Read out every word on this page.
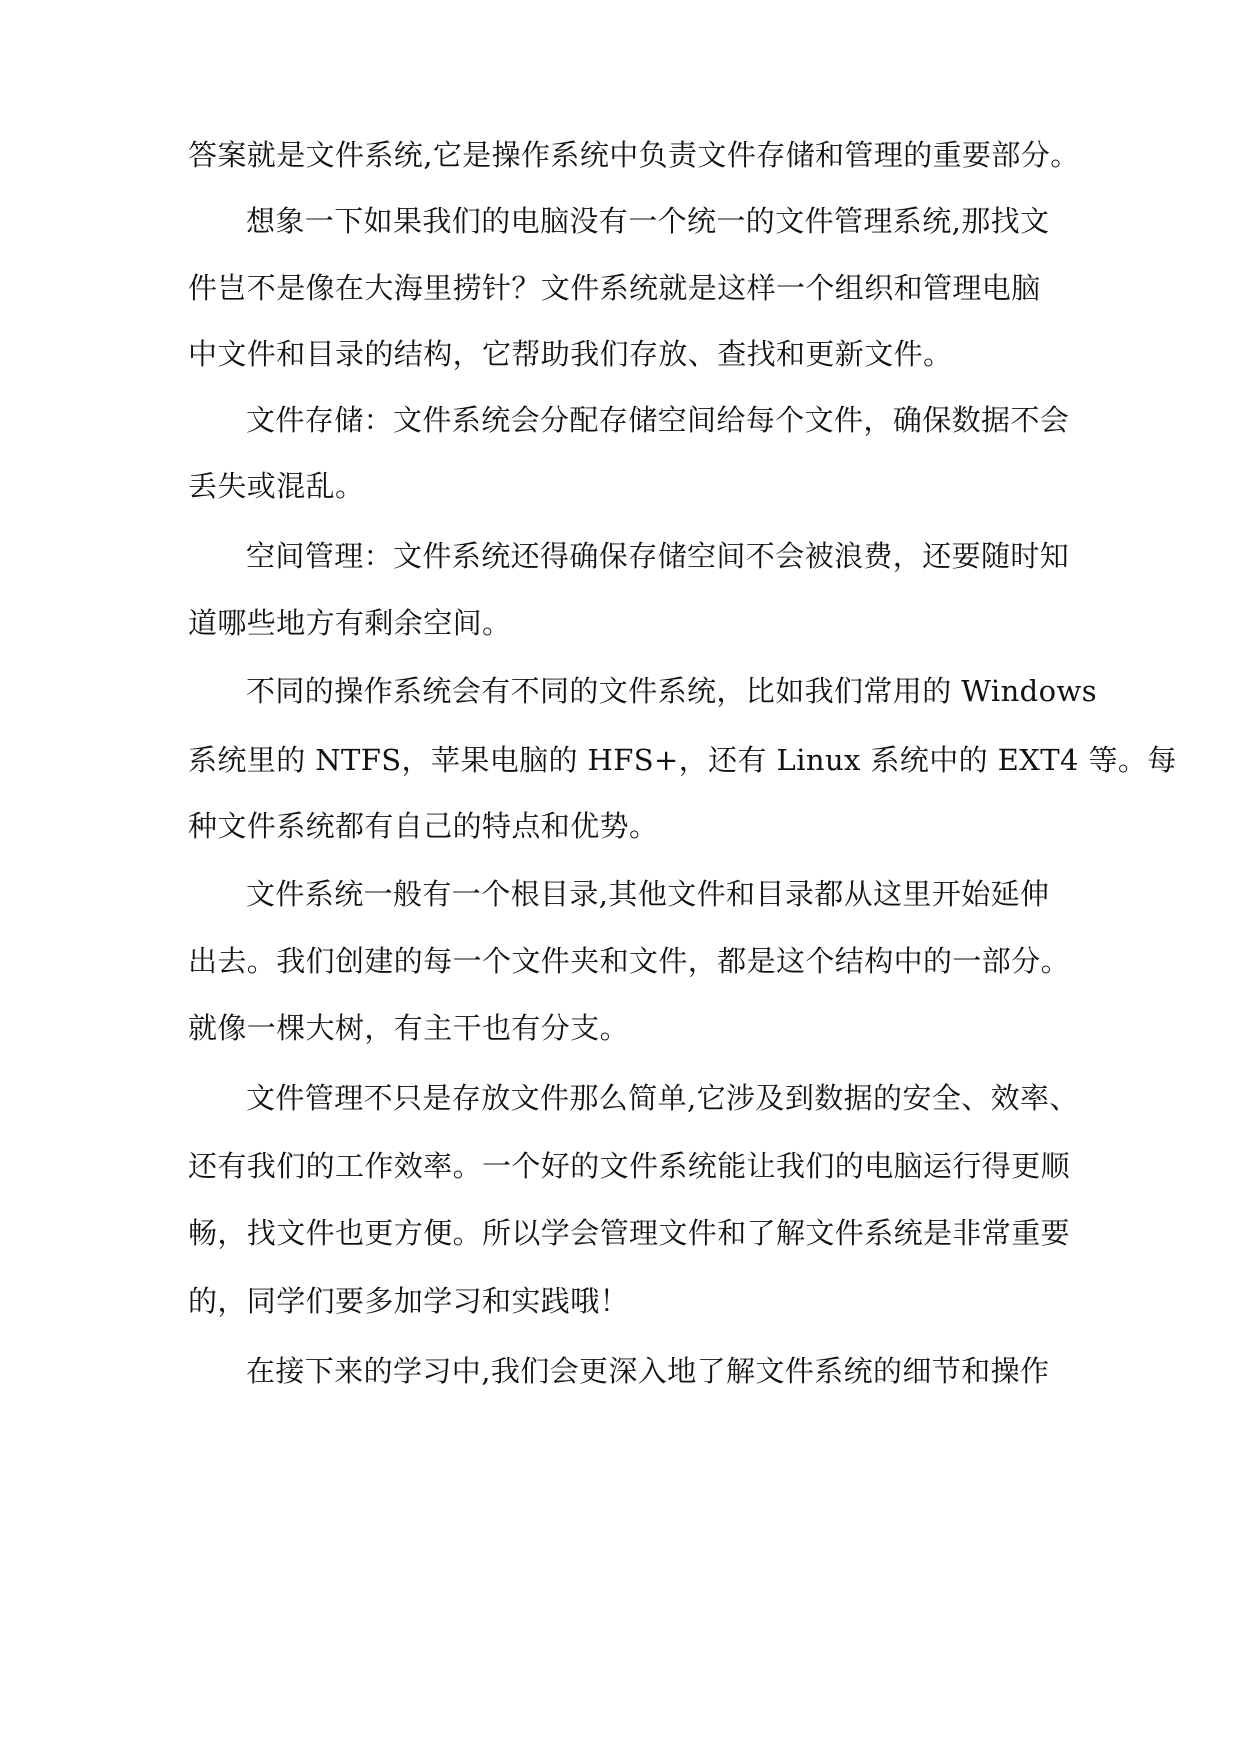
答案就是文件系统,它是操作系统中负责文件存储和管理的重要部分。
想象一下如果我们的电脑没有一个统一的文件管理系统,那找文
件岂不是像在大海里捞针？文件系统就是这样一个组织和管理电脑
中文件和目录的结构，它帮助我们存放、查找和更新文件。
文件存储：文件系统会分配存储空间给每个文件，确保数据不会
丢失或混乱。
空间管理：文件系统还得确保存储空间不会被浪费，还要随时知
道哪些地方有剩余空间。
不同的操作系统会有不同的文件系统，比如我们常用的 Windows
系统里的 NTFS，苹果电脑的 HFS+，还有 Linux 系统中的 EXT4 等。每
种文件系统都有自己的特点和优势。
文件系统一般有一个根目录,其他文件和目录都从这里开始延伸
出去。我们创建的每一个文件夹和文件，都是这个结构中的一部分。
就像一棵大树，有主干也有分支。
文件管理不只是存放文件那么简单,它涉及到数据的安全、效率、
还有我们的工作效率。一个好的文件系统能让我们的电脑运行得更顺
畅，找文件也更方便。所以学会管理文件和了解文件系统是非常重要
的，同学们要多加学习和实践哦！
在接下来的学习中,我们会更深入地了解文件系统的细节和操作
